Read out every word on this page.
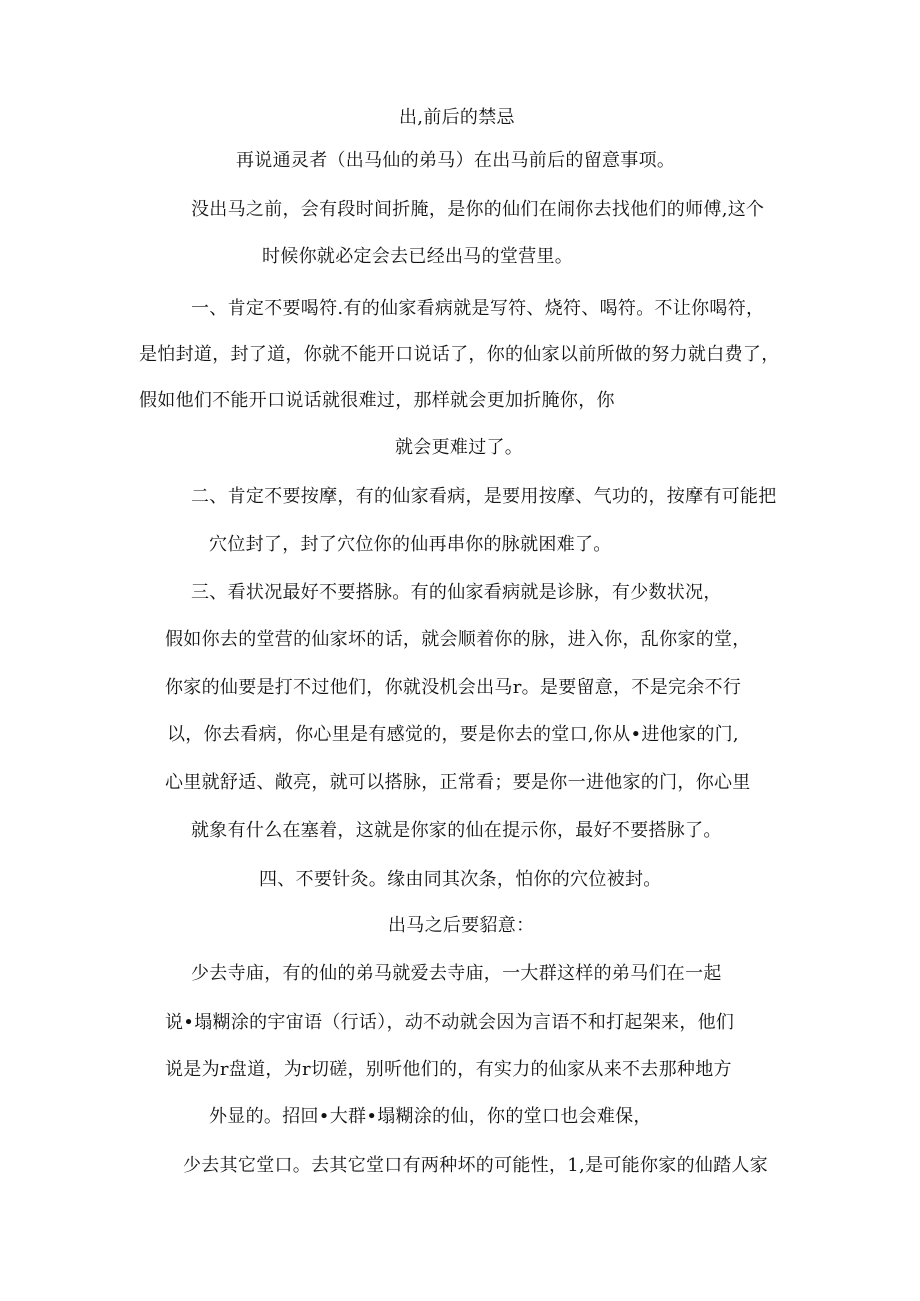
出,前后的禁忌
再说通灵者（出马仙的弟马）在出马前后的留意事项。
没出马之前，会有段时间折腌，是你的仙们在闹你去找他们的师傅,这个
时候你就必定会去已经出马的堂营里。
一、肯定不要喝符.有的仙家看病就是写符、烧符、喝符。不让你喝符，
是怕封道，封了道，你就不能开口说话了，你的仙家以前所做的努力就白费了，
假如他们不能开口说话就很难过，那样就会更加折腌你，你
就会更难过了。
二、肯定不要按摩，有的仙家看病，是要用按摩、气功的，按摩有可能把
穴位封了，封了穴位你的仙再串你的脉就困难了。
三、看状况最好不要搭脉。有的仙家看病就是诊脉，有少数状况，
假如你去的堂营的仙家坏的话，就会顺着你的脉，进入你，乱你家的堂，
你家的仙要是打不过他们，你就没机会出马r。是要留意，不是完余不行
以，你去看病，你心里是有感觉的，要是你去的堂口,你从•进他家的门,
心里就舒适、敞亮，就可以搭脉，正常看；要是你一进他家的门，你心里
就象有什么在塞着，这就是你家的仙在提示你，最好不要搭脉了。
四、不要针灸。缘由同其次条，怕你的穴位被封。
出马之后要貂意：
少去寺庙，有的仙的弟马就爱去寺庙，一大群这样的弟马们在一起
说•塌糊涂的宇宙语（行话），动不动就会因为言语不和打起架来，他们
说是为r盘道，为r切磋，别听他们的，有实力的仙家从来不去那种地方
外显的。招回•大群•塌糊涂的仙，你的堂口也会难保，
少去其它堂口。去其它堂口有两种坏的可能性，1,是可能你家的仙踏人家
